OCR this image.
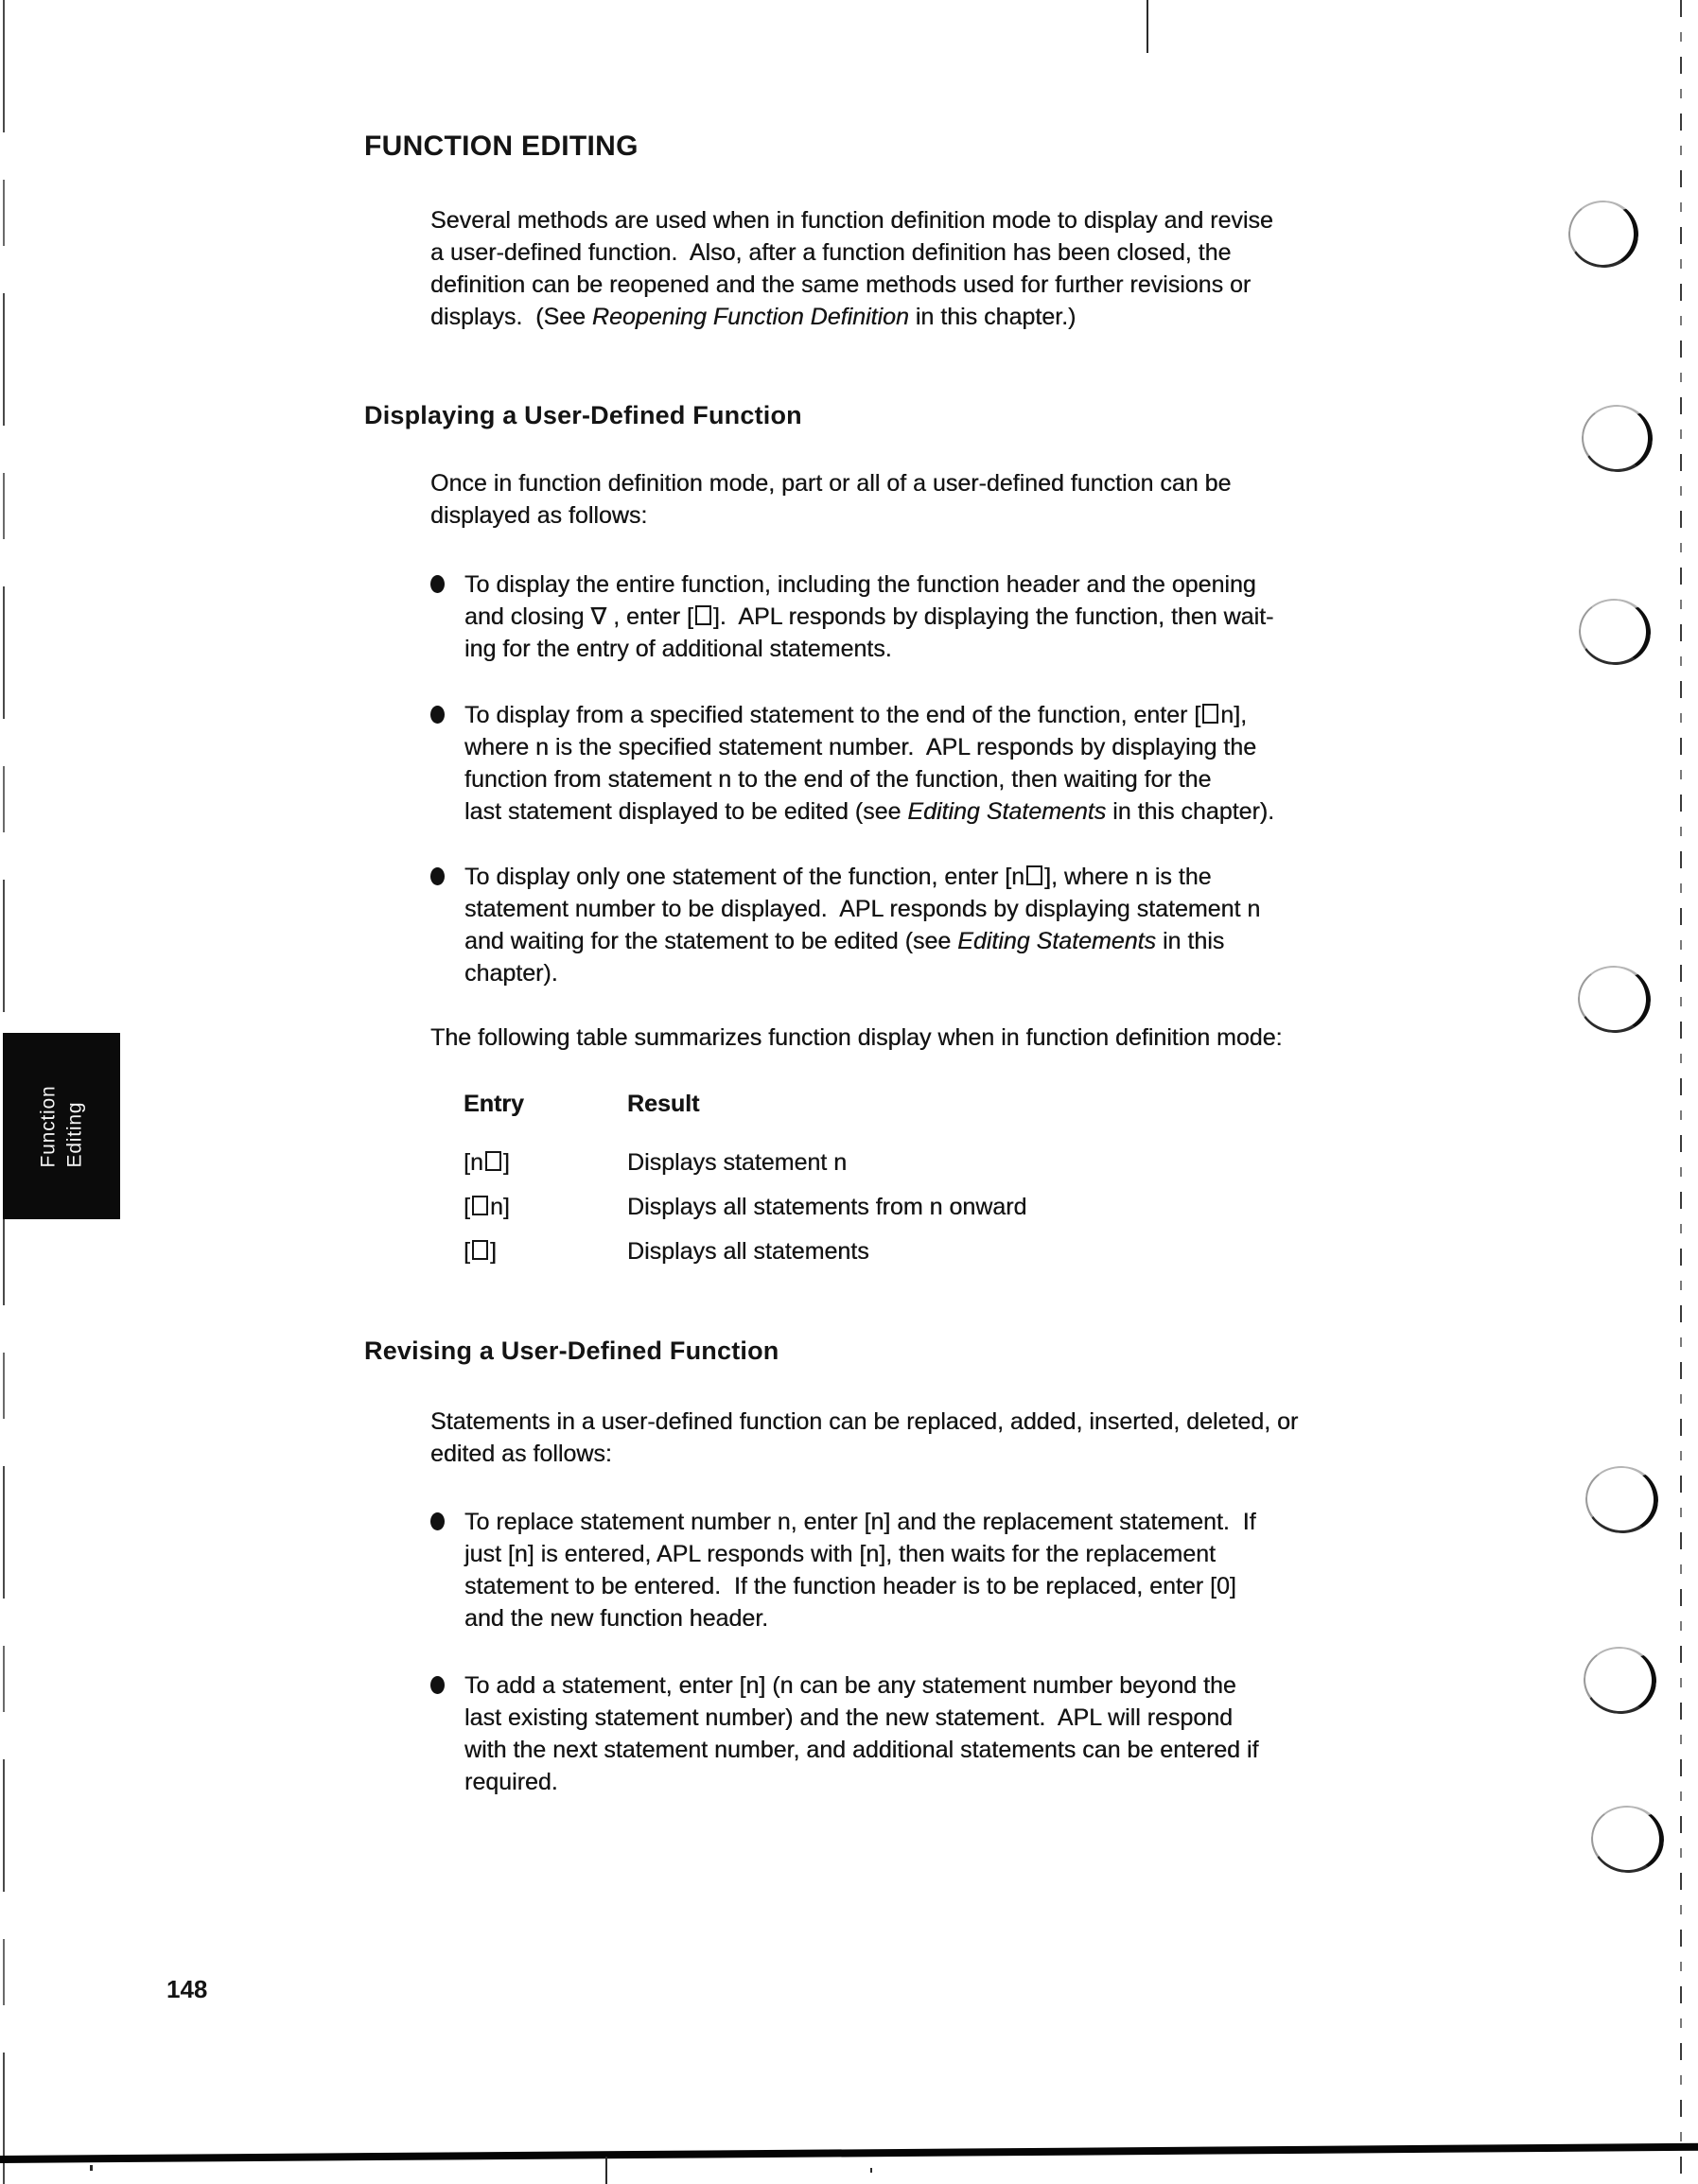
Function Editing
FUNCTION EDITING
Several methods are used when in function definition mode to display and revise
a user-defined function.  Also, after a function definition has been closed, the
definition can be reopened and the same methods used for further revisions or
displays.  (See Reopening Function Definition in this chapter.)
Displaying a User-Defined Function
Once in function definition mode, part or all of a user-defined function can be
displayed as follows:
To display the entire function, including the function header and the opening
and closing ∇ , enter [ ].  APL responds by displaying the function, then wait-
ing for the entry of additional statements.
To display from a specified statement to the end of the function, enter [ n],
where n is the specified statement number.  APL responds by displaying the
function from statement n to the end of the function, then waiting for the
last statement displayed to be edited (see Editing Statements in this chapter).
To display only one statement of the function, enter [n ], where n is the
statement number to be displayed.  APL responds by displaying statement n
and waiting for the statement to be edited (see Editing Statements in this
chapter).
The following table summarizes function display when in function definition mode:
Entry	Result
[n ]	Displays statement n
[ n]	Displays all statements from n onward
[ ]	Displays all statements
Revising a User-Defined Function
Statements in a user-defined function can be replaced, added, inserted, deleted, or
edited as follows:
To replace statement number n, enter [n] and the replacement statement.  If
just [n] is entered, APL responds with [n], then waits for the replacement
statement to be entered.  If the function header is to be replaced, enter [0]
and the new function header.
To add a statement, enter [n] (n can be any statement number beyond the
last existing statement number) and the new statement.  APL will respond
with the next statement number, and additional statements can be entered if
required.
148
